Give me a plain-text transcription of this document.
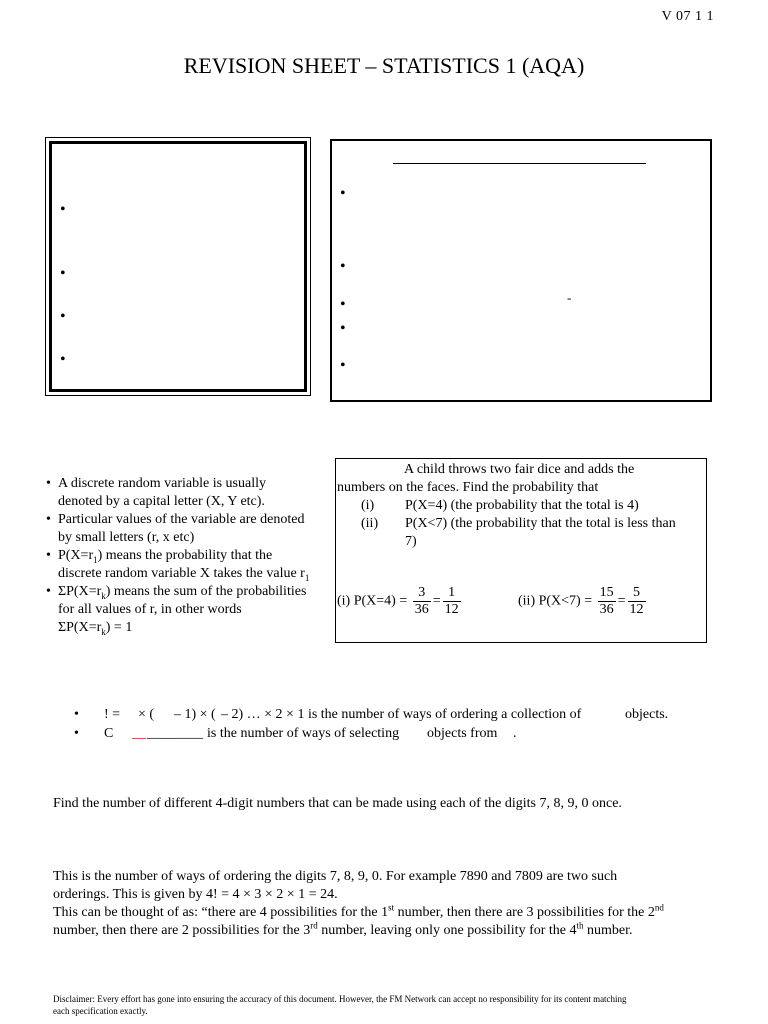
V 07 1 1
REVISION SHEET – STATISTICS 1 (AQA)
•
•
•
•
•
•
•
•
•
-
• A discrete random variable is usually
denoted by a capital letter (X, Y etc).
• Particular values of the variable are denoted
by small letters (r, x etc)
• $P(X=r_1)$ means the probability that the
discrete random variable X takes the value $r_1$
• $\Sigma P(X=r_k)$ means the sum of the probabilities
for all values of r, in other words
$\Sigma P(X=r_k) = 1$
A child throws two fair dice and adds the
numbers on the faces. Find the probability that
(i) P(X=4) (the probability that the total is 4)
(ii) P(X<7) (the probability that the total is less than
7)
(i) $P(X=4) = \frac{3}{36} = \frac{1}{12}$	(ii) $P(X<7) = \frac{15}{36} = \frac{5}{12}$
• ! = × ( – 1) × ( – 2) … × 2 × 1 is the number of ways of ordering a collection of	objects.
• C __ ________ is the number of ways of selecting objects from .
Find the number of different 4-digit numbers that can be made using each of the digits 7, 8, 9, 0 once.
This is the number of ways of ordering the digits 7, 8, 9, 0. For example 7890 and 7809 are two such
orderings. This is given by 4! = 4 × 3 × 2 × 1 = 24.
This can be thought of as: “there are 4 possibilities for the 1st number, then there are 3 possibilities for the 2nd
number, then there are 2 possibilities for the 3rd number, leaving only one possibility for the 4th number.
Disclaimer: Every effort has gone into ensuring the accuracy of this document. However, the FM Network can accept no responsibility for its content matching
each specification exactly.
